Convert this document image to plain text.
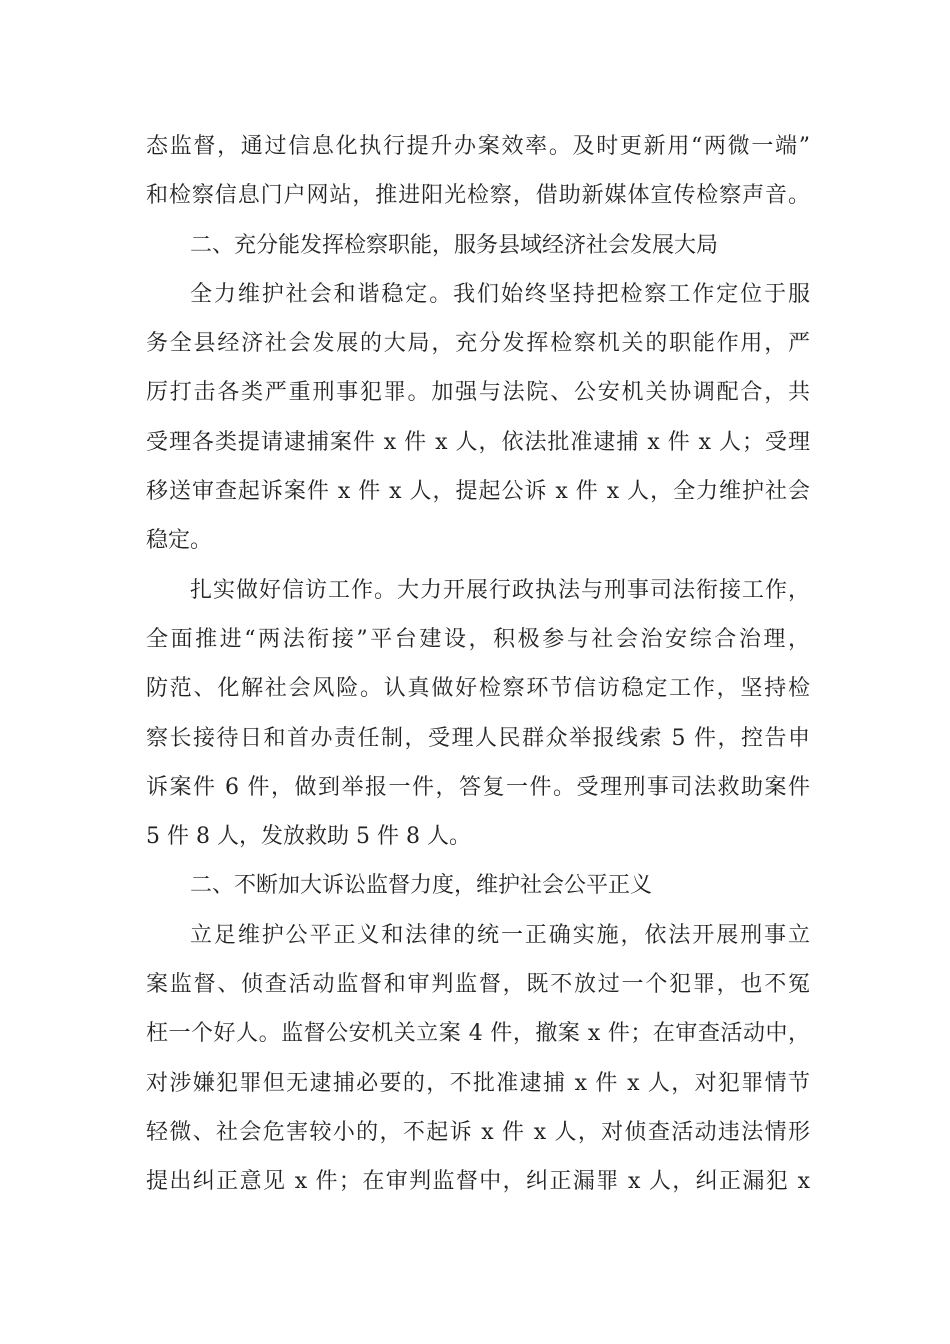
态监督，通过信息化执行提升办案效率。及时更新用“两微一端”
和检察信息门户网站，推进阳光检察，借助新媒体宣传检察声音。
二、充分能发挥检察职能，服务县域经济社会发展大局
全力维护社会和谐稳定。我们始终坚持把检察工作定位于服
务全县经济社会发展的大局，充分发挥检察机关的职能作用，严
厉打击各类严重刑事犯罪。加强与法院、公安机关协调配合，共
受理各类提请逮捕案件 x 件 x 人，依法批准逮捕 x 件 x 人；受理
移送审查起诉案件 x 件 x 人，提起公诉 x 件 x 人，全力维护社会
稳定。
扎实做好信访工作。大力开展行政执法与刑事司法衔接工作，
全面推进“两法衔接”平台建设，积极参与社会治安综合治理，
防范、化解社会风险。认真做好检察环节信访稳定工作，坚持检
察长接待日和首办责任制，受理人民群众举报线索 5 件，控告申
诉案件 6 件，做到举报一件，答复一件。受理刑事司法救助案件
5 件 8 人，发放救助 5 件 8 人。
二、不断加大诉讼监督力度，维护社会公平正义
立足维护公平正义和法律的统一正确实施，依法开展刑事立
案监督、侦查活动监督和审判监督，既不放过一个犯罪，也不冤
枉一个好人。监督公安机关立案 4 件，撤案 x 件；在审查活动中，
对涉嫌犯罪但无逮捕必要的，不批准逮捕 x 件 x 人，对犯罪情节
轻微、社会危害较小的，不起诉 x 件 x 人，对侦查活动违法情形
提出纠正意见 x 件；在审判监督中，纠正漏罪 x 人，纠正漏犯 x
